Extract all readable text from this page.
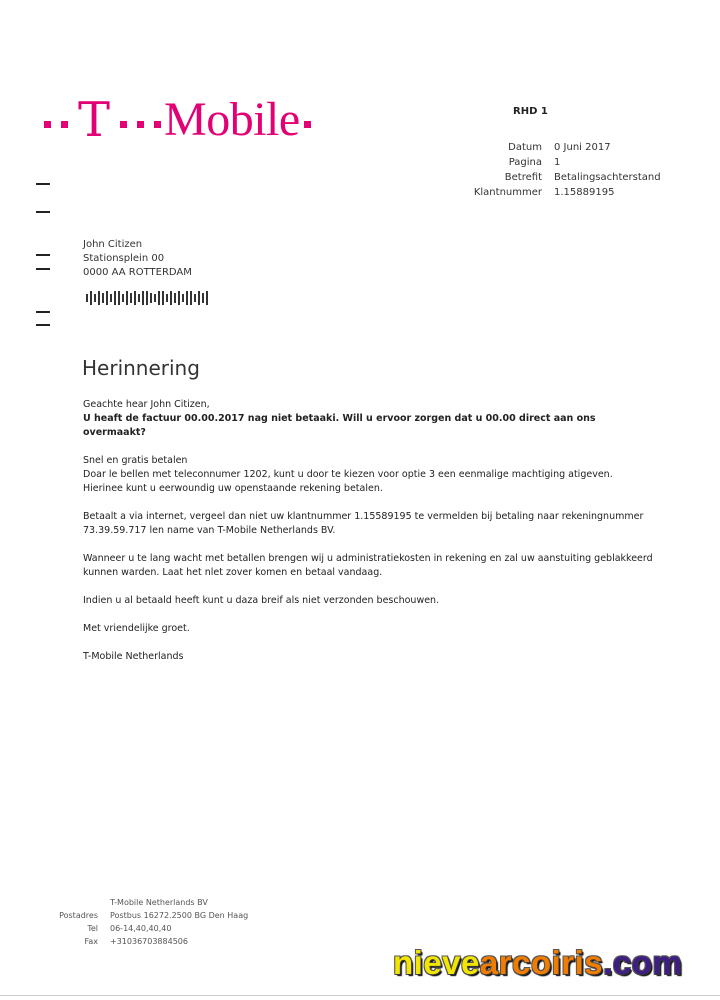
T Mobile	RHD 1
Datum	0 Juni 2017
Pagina	1
Betrefit	Betalingsachterstand
Klantnummer	1.15889195
John Citizen
Stationsplein 00
0000 AA ROTTERDAM
Herinnering

Geachte hear John Citizen,
U heaft de factuur 00.00.2017 nag niet betaaki. Will u ervoor zorgen dat u 00.00 direct aan ons overmaakt?

Snel en gratis betalen
Doar le bellen met teleconnumer 1202, kunt u door te kiezen voor optie 3 een eenmalige machtiging atigeven. Hierinee kunt u eerwoundig uw openstaande rekening betalen.

Betaalt a via internet, vergeel dan niet uw klantnummer 1.15589195 te vermelden bij betaling naar rekeningnummer 73.39.59.717 len name van T-Mobile Netherlands BV.

Wanneer u te lang wacht met betallen brengen wij u administratiekosten in rekening en zal uw aanstuiting geblakkeerd kunnen warden. Laat het nlet zover komen en betaal vandaag.

Indien u al betaald heeft kunt u daza breif als niet verzonden beschouwen.

Met vriendelijke groet.

T-Mobile Netherlands

T-Mobile Netherlands BV
Postadres	Postbus 16272.2500 BG Den Haag
Tel	06-14,40,40,40
Fax	+31036703884506
nievearcoiris.com
